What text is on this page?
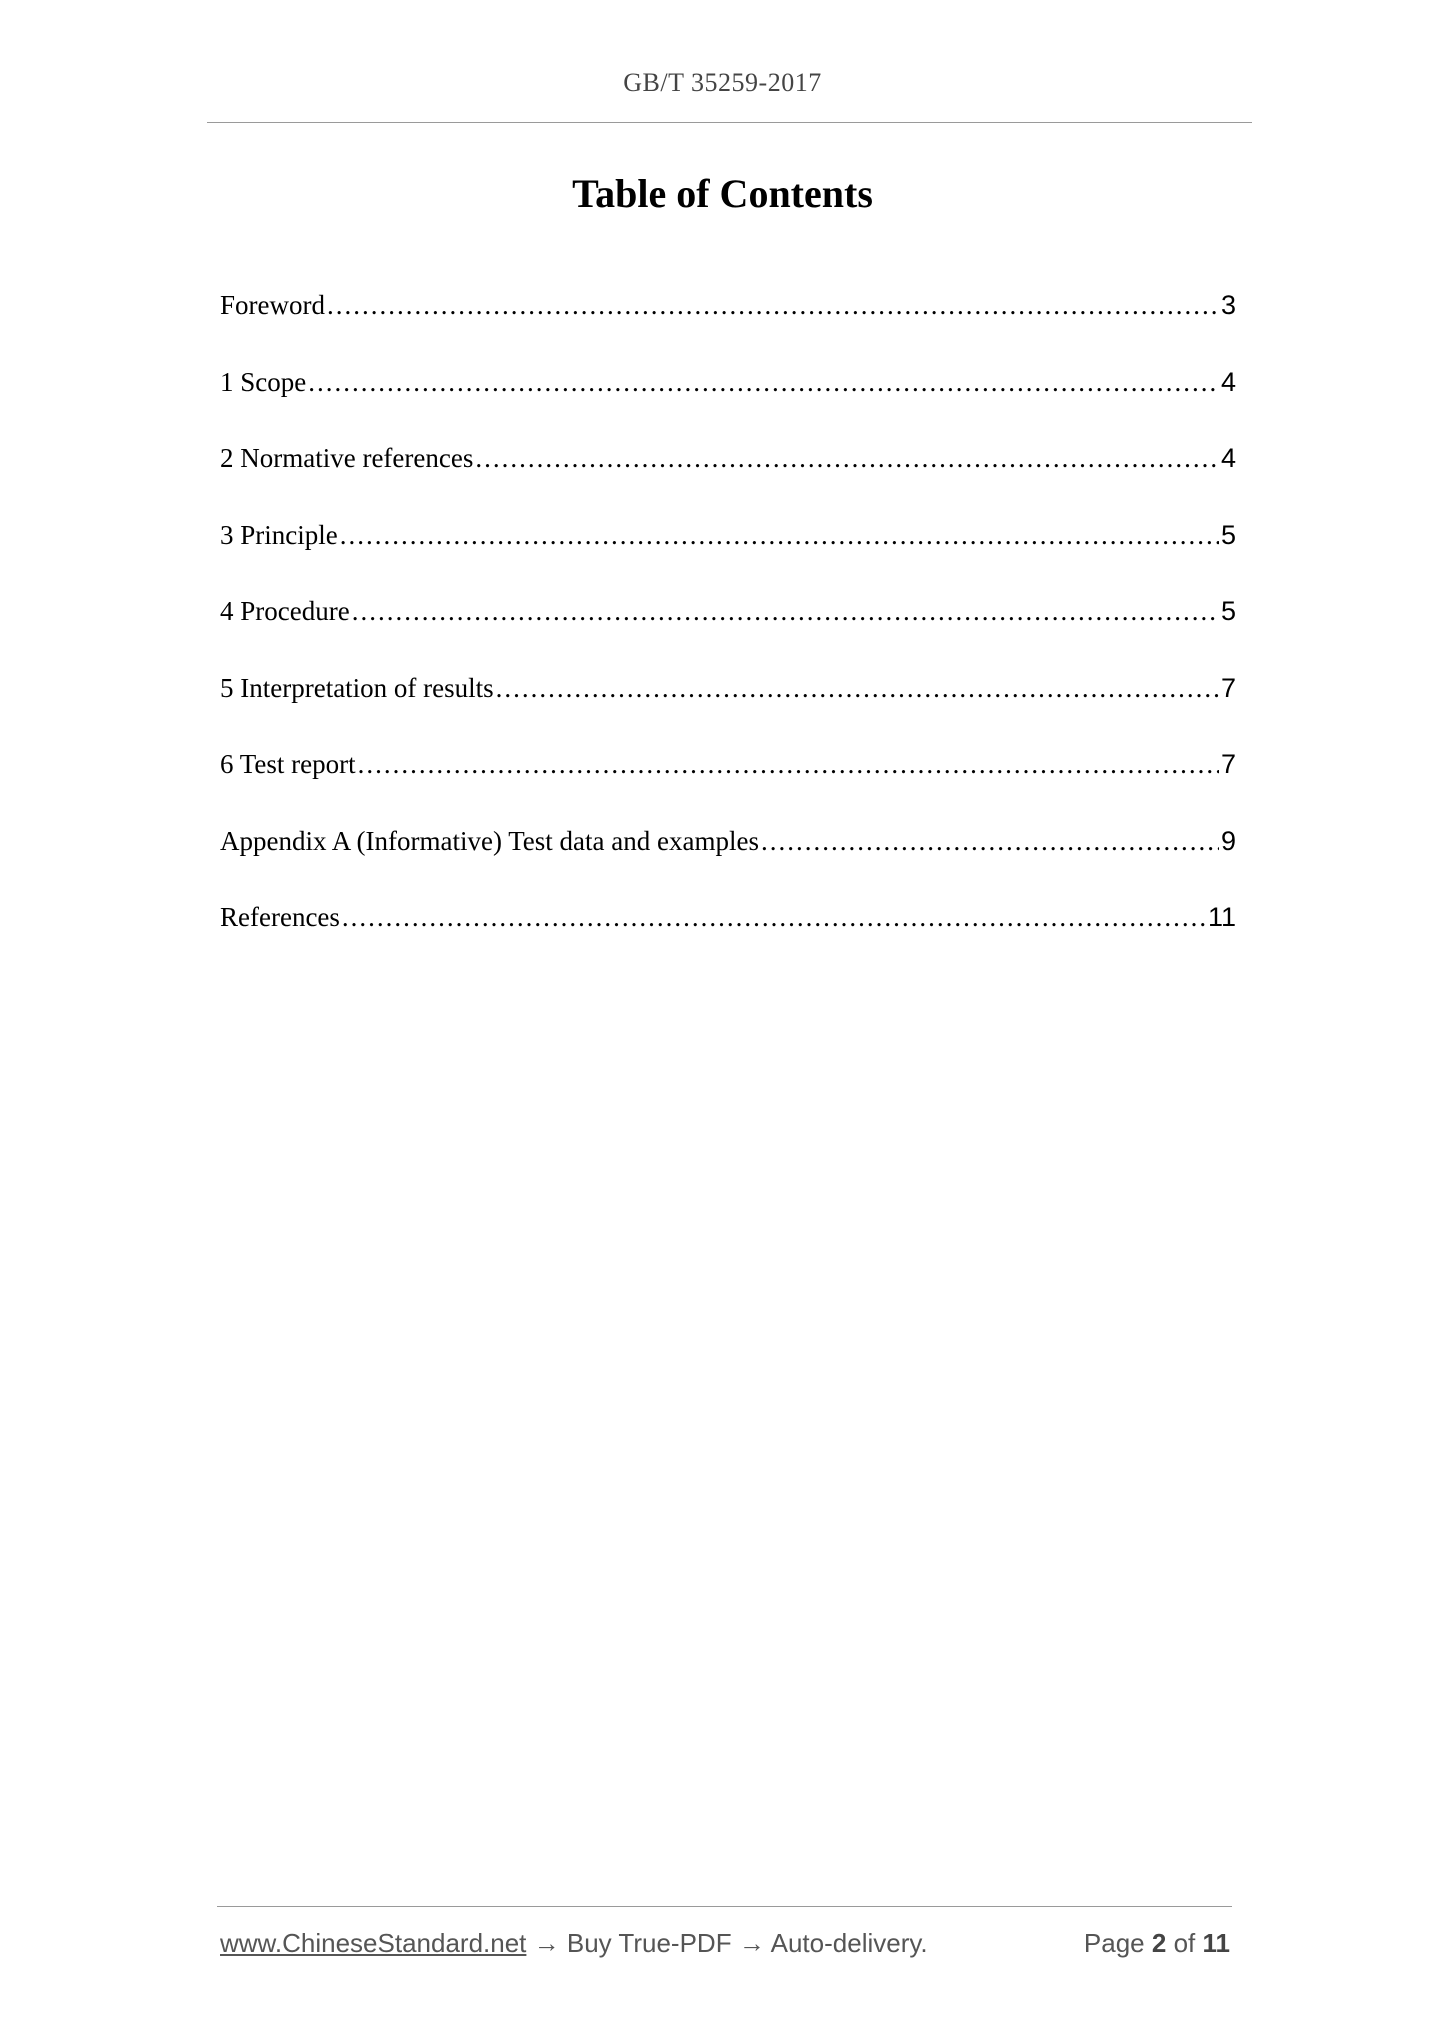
GB/T 35259-2017
Table of Contents
Foreword .....	3
1 Scope .....	4
2 Normative references .....	4
3 Principle .....	5
4 Procedure .....	5
5 Interpretation of results .....	7
6 Test report .....	7
Appendix A (Informative) Test data and examples .....	9
References .....	11
www.ChineseStandard.net → Buy True-PDF → Auto-delivery.	Page 2 of 11
